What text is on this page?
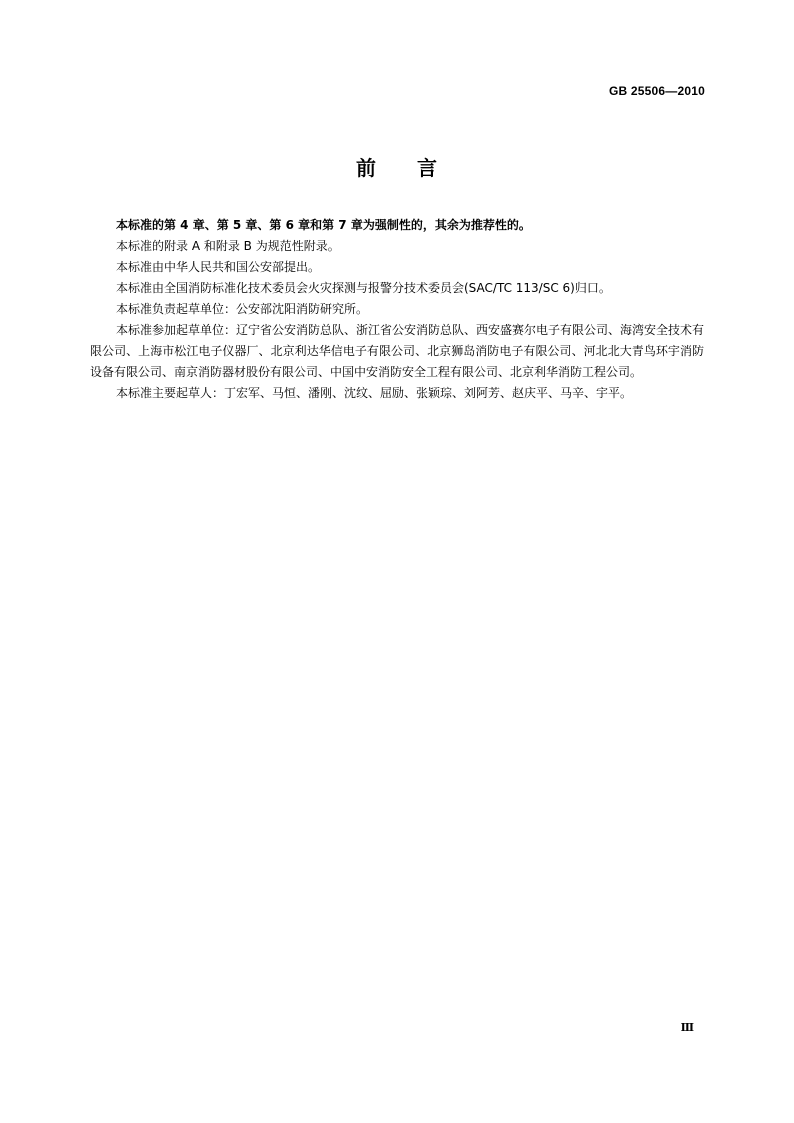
GB 25506—2010
前 言

本标准的第 4 章、第 5 章、第 6 章和第 7 章为强制性的，其余为推荐性的。

本标准的附录 A 和附录 B 为规范性附录。

本标准由中华人民共和国公安部提出。

本标准由全国消防标准化技术委员会火灾探测与报警分技术委员会(SAC/TC 113/SC 6)归口。

本标准负责起草单位：公安部沈阳消防研究所。

本标准参加起草单位：辽宁省公安消防总队、浙江省公安消防总队、西安盛赛尔电子有限公司、海湾安全技术有限公司、上海市松江电子仪器厂、北京利达华信电子有限公司、北京狮岛消防电子有限公司、河北北大青鸟环宇消防设备有限公司、南京消防器材股份有限公司、中国中安消防安全工程有限公司、北京利华消防工程公司。

本标准主要起草人：丁宏军、马恒、潘刚、沈纹、屈励、张颖琮、刘阿芳、赵庆平、马辛、宇平。

Ⅲ
